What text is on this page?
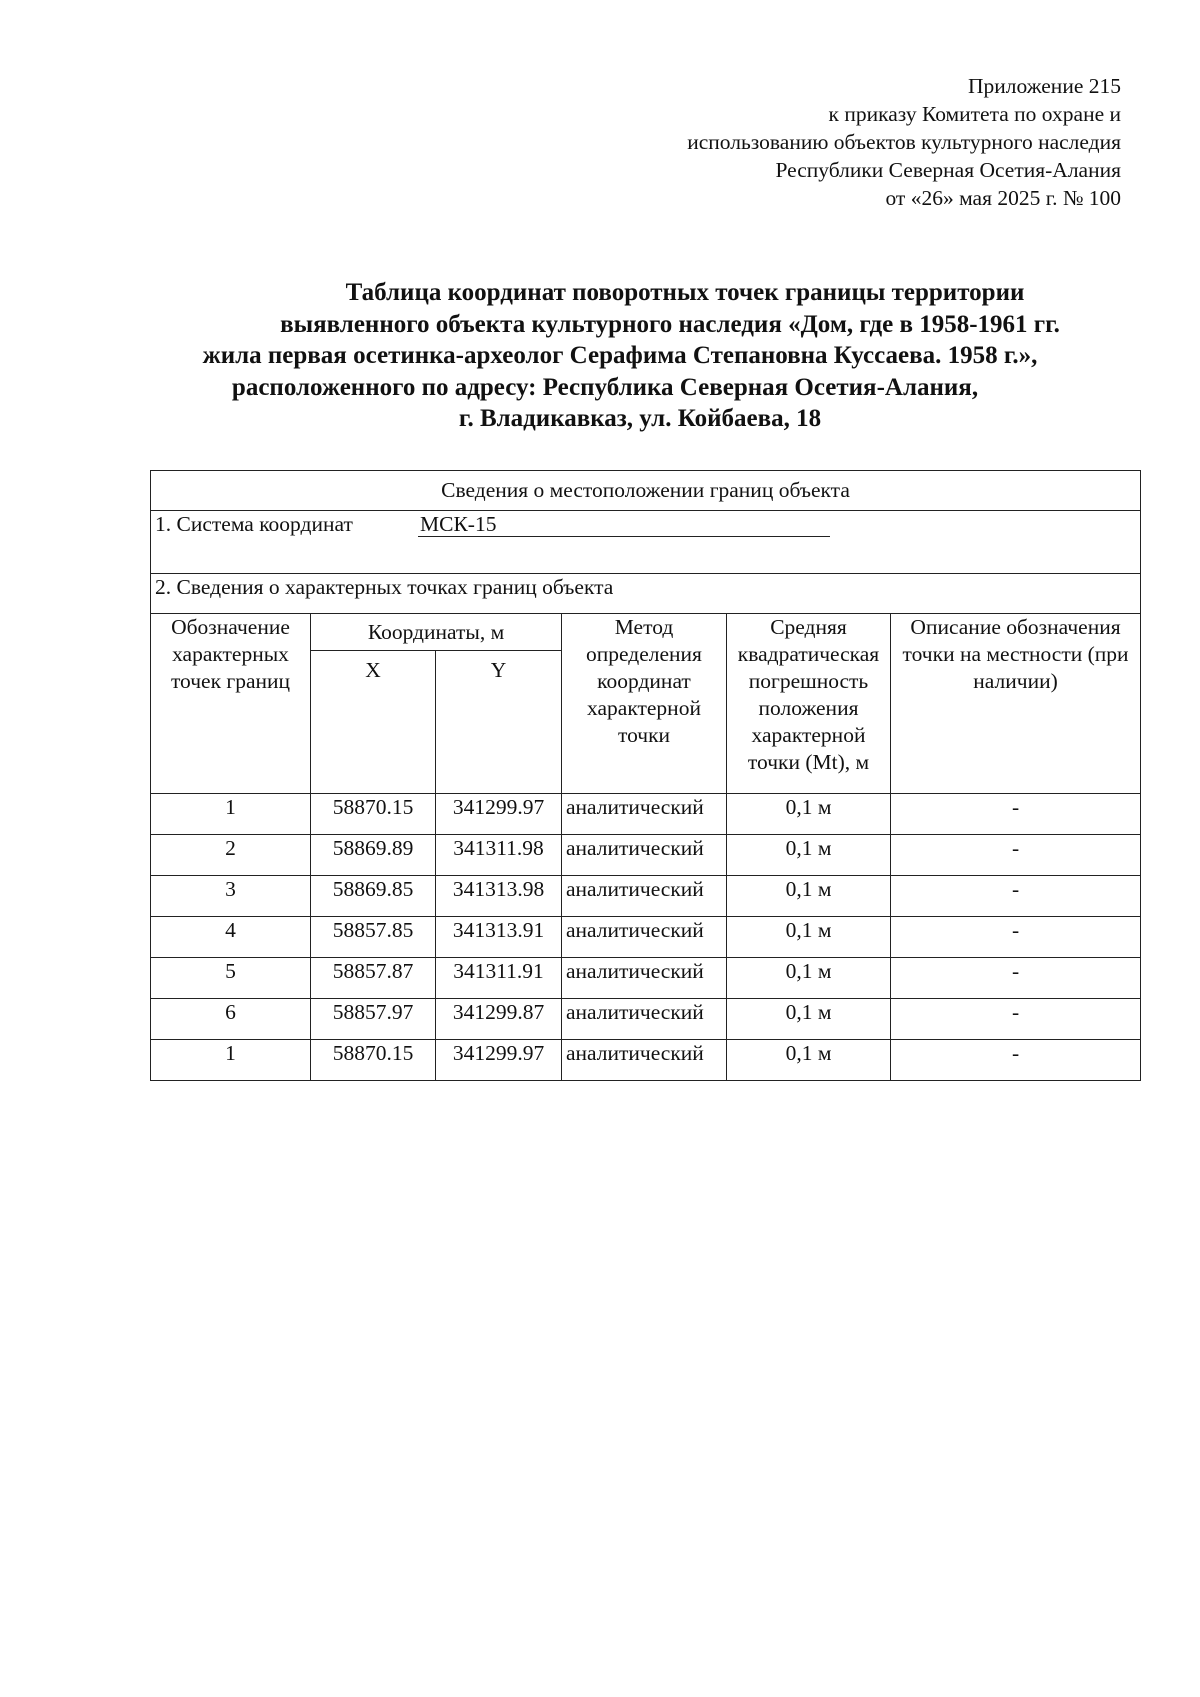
Приложение 215
к приказу Комитета по охране и
использованию объектов культурного наследия
Республики Северная Осетия-Алания
от «26» мая 2025 г. № 100
Таблица координат поворотных точек границы территории
выявленного объекта культурного наследия «Дом, где в 1958-1961 гг.
жила первая осетинка-археолог Серафима Степановна Куссаева. 1958 г.»,
расположенного по адресу: Республика Северная Осетия-Алания,
г. Владикавказ, ул. Койбаева, 18
Сведения о местоположении границ объекта					
1. Система координат МСК-15					
2. Сведения о характерных точках границ объекта					
Обозначение характерных точек границ	Координаты, м		Метод определения координат характерной точки	Средняя квадратическая погрешность положения характерной точки (Mt), м	Описание обозначения точки на местности (при наличии)
	X	Y			
1	58870.15	341299.97	аналитический	0,1 м	-
2	58869.89	341311.98	аналитический	0,1 м	-
3	58869.85	341313.98	аналитический	0,1 м	-
4	58857.85	341313.91	аналитический	0,1 м	-
5	58857.87	341311.91	аналитический	0,1 м	-
6	58857.97	341299.87	аналитический	0,1 м	-
1	58870.15	341299.97	аналитический	0,1 м	-
